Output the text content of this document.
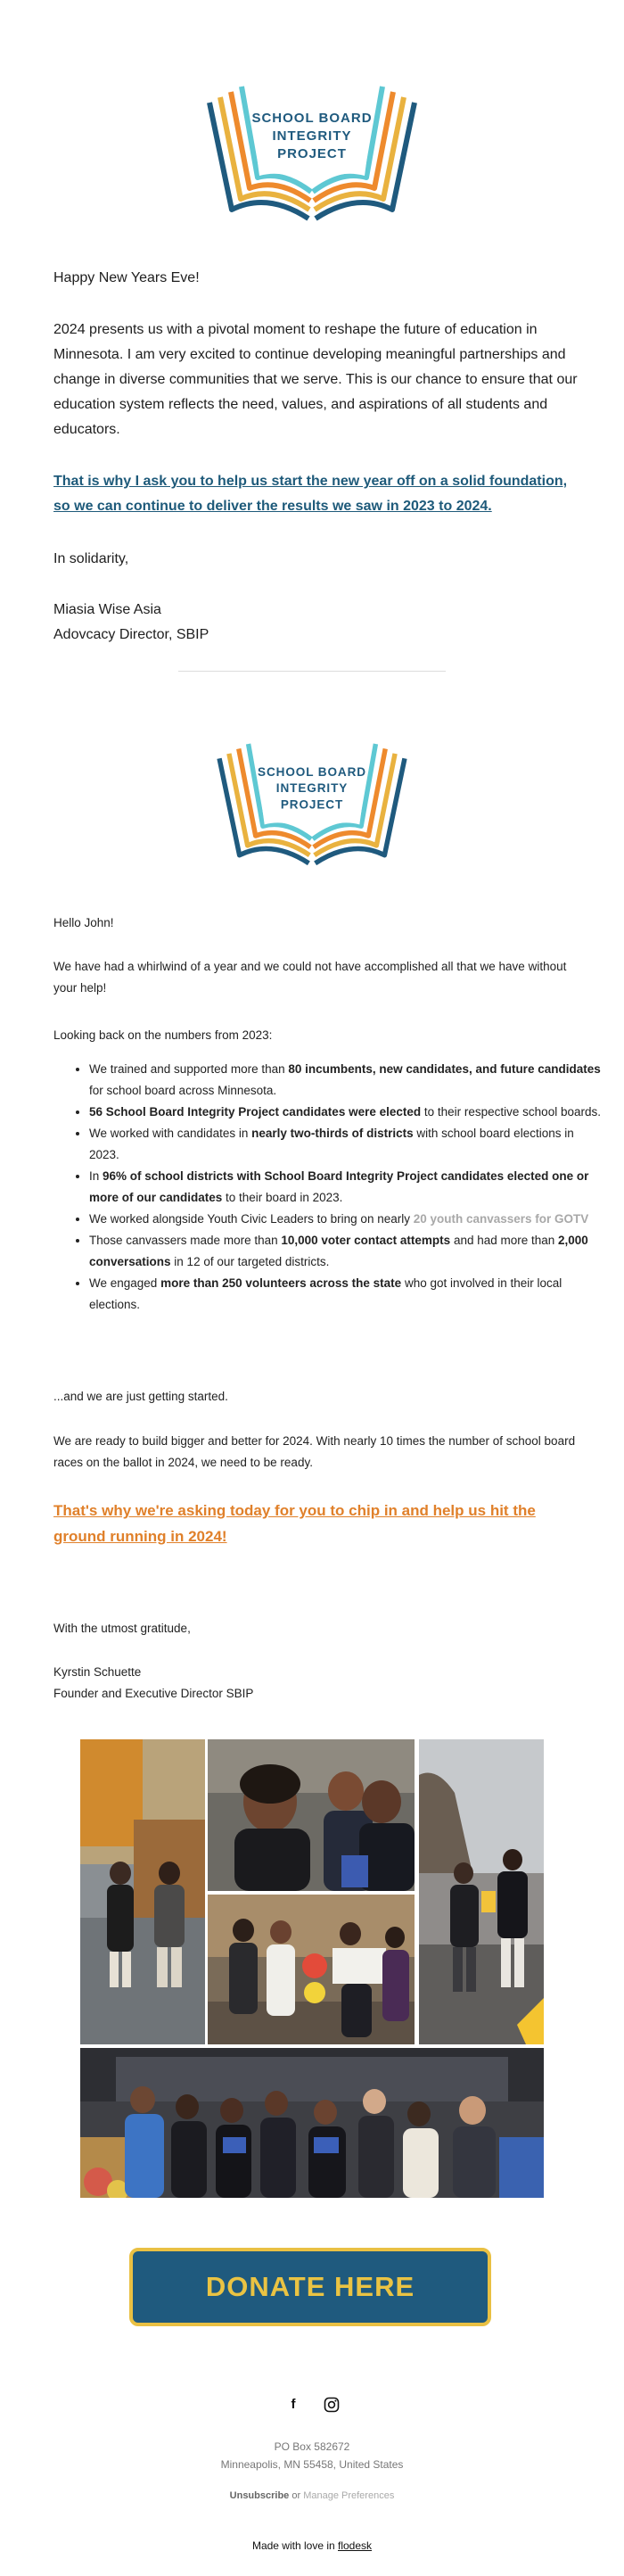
SCHOOL BOARD
INTEGRITY
PROJECT
Happy New Years Eve!
2024 presents us with a pivotal moment to reshape the future of education in Minnesota. I am very excited to continue developing meaningful partnerships and change in diverse communities that we serve. This is our chance to ensure that our education system reflects the need, values, and aspirations of all students and educators.
That is why I ask you to help us start the new year off on a solid foundation, so we can continue to deliver the results we saw in 2023 to 2024.
In solidarity,
Miasia Wise Asia
Adovcacy Director, SBIP
SCHOOL BOARD
INTEGRITY
PROJECT
Hello John!
We have had a whirlwind of a year and we could not have accomplished all that we have without your help!
Looking back on the numbers from 2023:
• We trained and supported more than 80 incumbents, new candidates, and future candidates for school board across Minnesota.
• 56 School Board Integrity Project candidates were elected to their respective school boards.
• We worked with candidates in nearly two-thirds of districts with school board elections in 2023.
• In 96% of school districts with School Board Integrity Project candidates elected one or more of our candidates to their board in 2023.
• We worked alongside Youth Civic Leaders to bring on nearly 20 youth canvassers for GOTV
• Those canvassers made more than 10,000 voter contact attempts and had more than 2,000 conversations in 12 of our targeted districts.
• We engaged more than 250 volunteers across the state who got involved in their local elections.
...and we are just getting started.
We are ready to build bigger and better for 2024. With nearly 10 times the number of school board races on the ballot in 2024, we need to be ready.
That's why we're asking today for you to chip in and help us hit the ground running in 2024!
With the utmost gratitude,
Kyrstin Schuette
Founder and Executive Director SBIP
DONATE HERE
f
PO Box 582672
Minneapolis, MN 55458, United States
Unsubscribe or Manage Preferences
Made with love in flodesk
